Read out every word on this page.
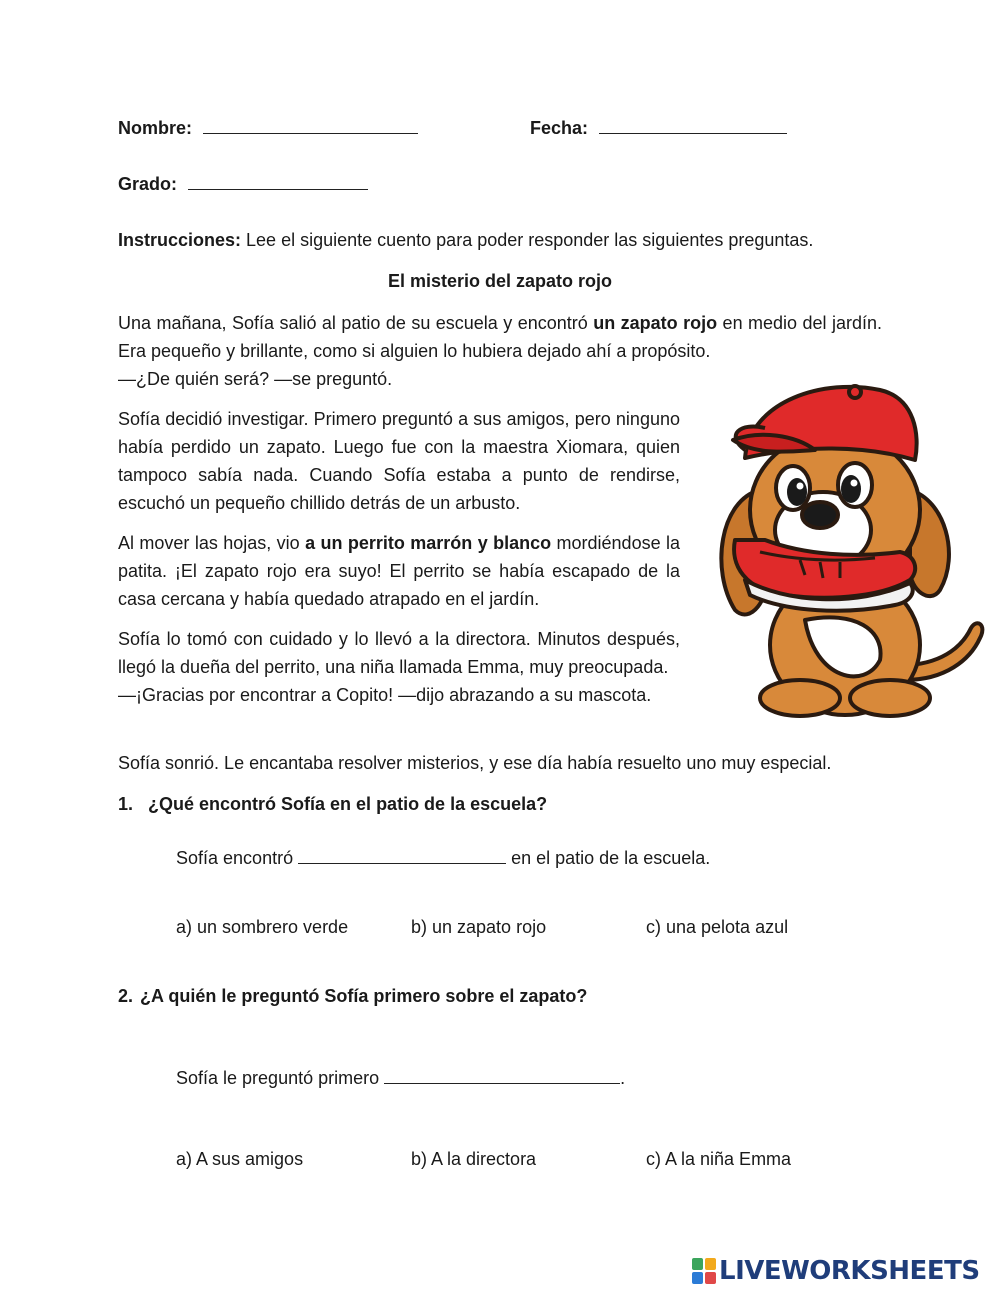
Nombre:	Fecha:
Grado:
Instrucciones: Lee el siguiente cuento para poder responder las siguientes preguntas.
El misterio del zapato rojo

Una mañana, Sofía salió al patio de su escuela y encontró un zapato rojo en medio del jardín. Era pequeño y brillante, como si alguien lo hubiera dejado ahí a propósito.

—¿De quién será? —se preguntó.

Sofía decidió investigar. Primero preguntó a sus amigos, pero ninguno había perdido un zapato. Luego fue con la maestra Xiomara, quien tampoco sabía nada. Cuando Sofía estaba a punto de rendirse, escuchó un pequeño chillido detrás de un arbusto.

Al mover las hojas, vio a un perrito marrón y blanco mordiéndose la patita. ¡El zapato rojo era suyo! El perrito se había escapado de la casa cercana y había quedado atrapado en el jardín.

Sofía lo tomó con cuidado y lo llevó a la directora. Minutos después, llegó la dueña del perrito, una niña llamada Emma, muy preocupada.

—¡Gracias por encontrar a Copito! —dijo abrazando a su mascota.

Sofía sonrió. Le encantaba resolver misterios, y ese día había resuelto uno muy especial.

1. ¿Qué encontró Sofía en el patio de la escuela?
Sofía encontró	en el patio de la escuela.
a) un sombrero verde	b) un zapato rojo	c) una pelota azul
2. ¿A quién le preguntó Sofía primero sobre el zapato?
Sofía le preguntó primero	.
a) A sus amigos	b) A la directora	c) A la niña Emma
LIVEWORKSHEETS
